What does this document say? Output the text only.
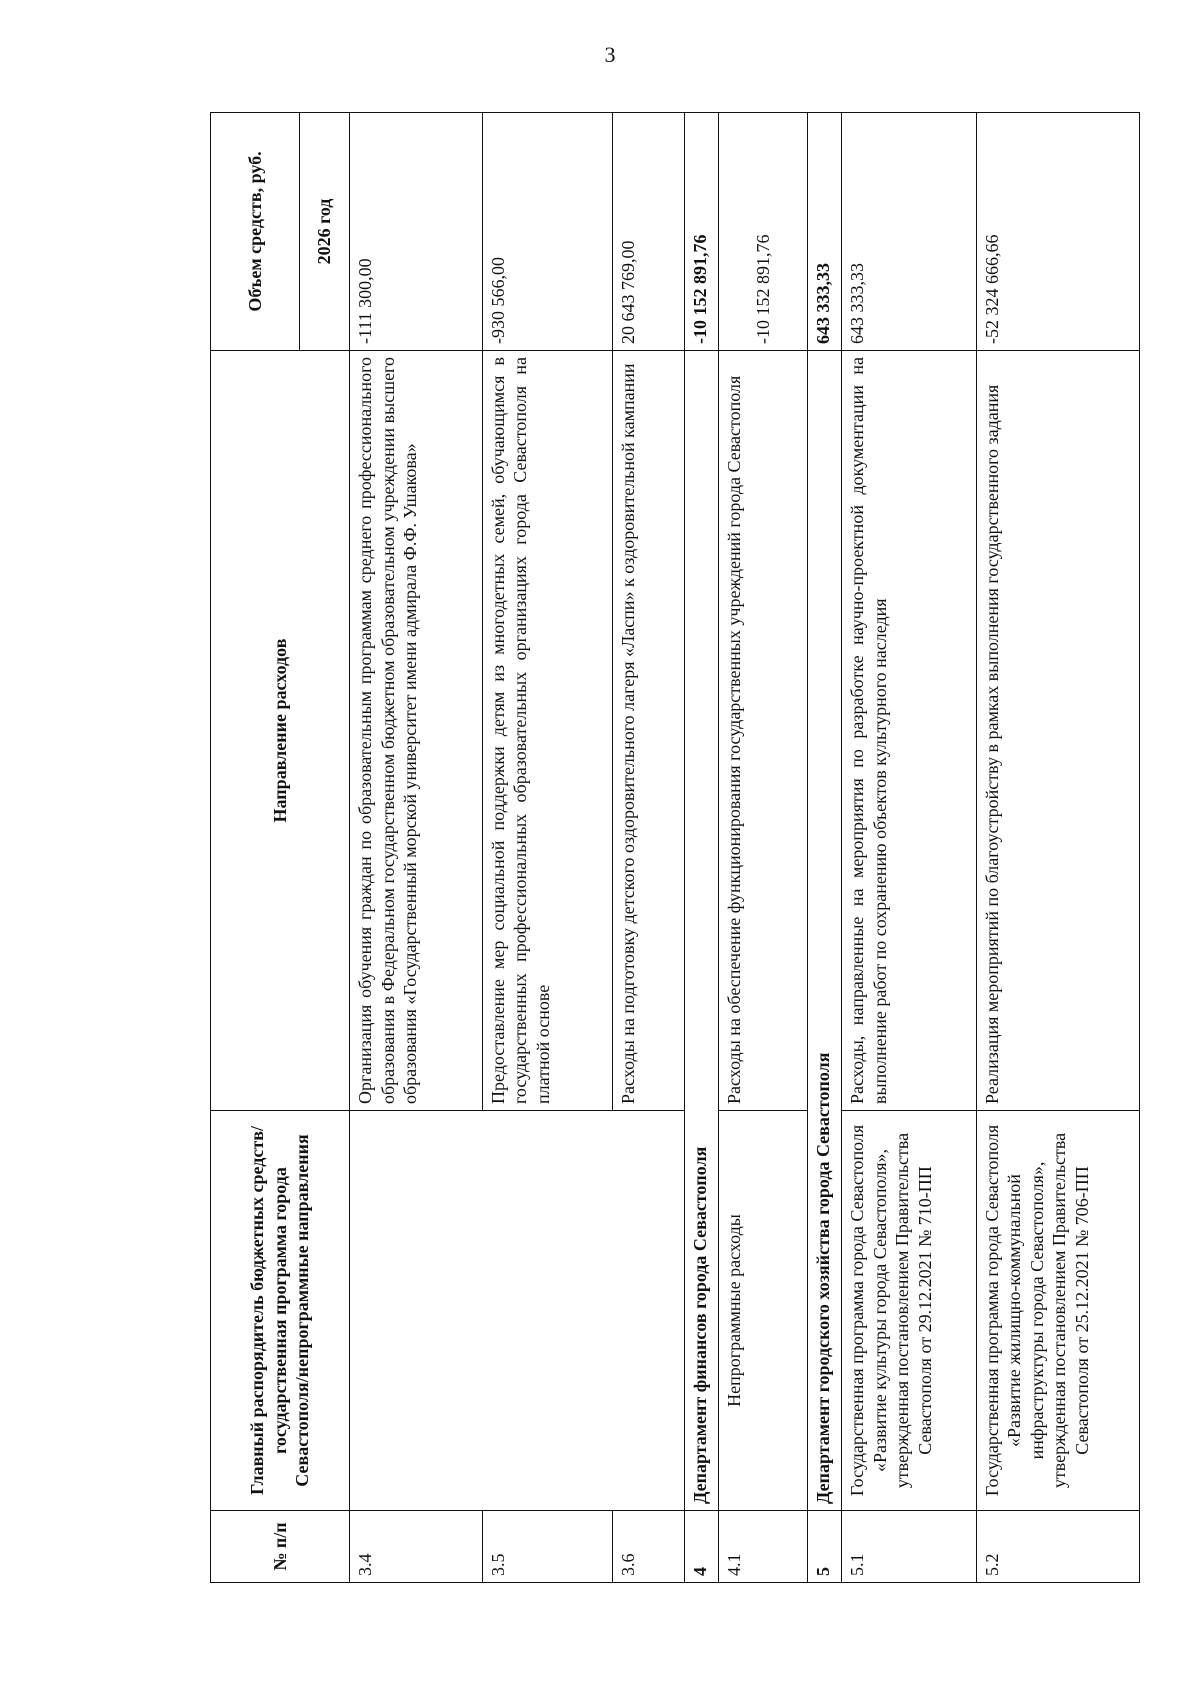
3
№ п/п	Главный распорядитель бюджетных средств/государственная программа города Севастополя/непрограммные направления	Направление расходов	Объем средств, руб.
			2026 год
3.4		Организация обучения граждан по образовательным программам среднего профессионального образования в Федеральном государственном бюджетном образовательном учреждении высшего образования «Государственный морской университет имени адмирала Ф.Ф. Ушакова»	-111 300,00
3.5		Предоставление мер социальной поддержки детям из многодетных семей, обучающимся в государственных профессиональных образовательных организациях города Севастополя на платной основе	-930 566,00
3.6		Расходы на подготовку детского оздоровительного лагеря «Ласпи» к оздоровительной кампании	20 643 769,00
4	Департамент финансов города Севастополя		-10 152 891,76
4.1	Непрограммные расходы	Расходы на обеспечение функционирования государственных учреждений города Севастополя	-10 152 891,76
5	Департамент городского хозяйства города Севастополя		643 333,33
5.1	Государственная программа города Севастополя «Развитие культуры города Севастополя», утвержденная постановлением Правительства Севастополя от 29.12.2021 № 710-ПП	Расходы, направленные на мероприятия по разработке научно-проектной документации на выполнение работ по сохранению объектов культурного наследия	643 333,33
5.2	Государственная программа города Севастополя «Развитие жилищно-коммунальной инфраструктуры города Севастополя», утвержденная постановлением Правительства Севастополя от 25.12.2021 № 706-ПП	Реализация мероприятий по благоустройству в рамках выполнения государственного задания	-52 324 666,66
